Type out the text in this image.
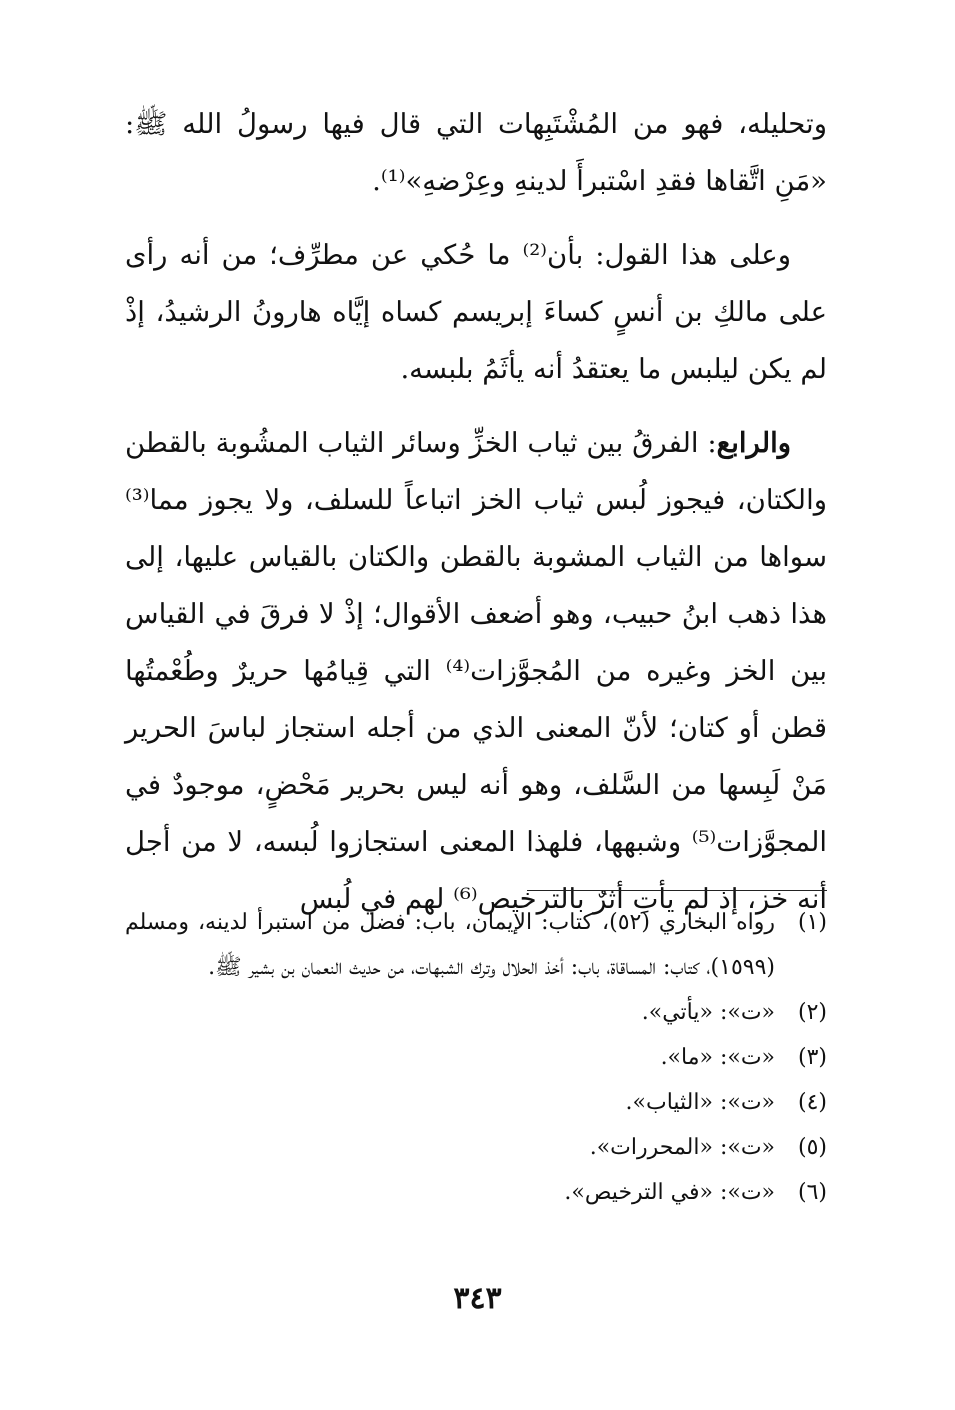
وتحليله، فهو من المُشْتَبِهات التي قال فيها رسولُ الله ﷺ: «مَنِ اتَّقاها فقدِ اسْتبرأَ لدينهِ وعِرْضهِ»⁽¹⁾.

وعلى هذا القول: بأن⁽²⁾ ما حُكي عن مطرِّف؛ من أنه رأى على مالكِ بن أنسٍ كساءَ إبريسم كساه إيَّاه هارونُ الرشيدُ، إذْ لم يكن ليلبس ما يعتقدُ أنه يأثَمُ بلبسه.

والرابع: الفرقُ بين ثياب الخزِّ وسائر الثياب المشُوبة بالقطن والكتان، فيجوز لُبس ثياب الخز اتباعاً للسلف، ولا يجوز مما⁽³⁾ سواها من الثياب المشوبة بالقطن والكتان بالقياس عليها، إلى هذا ذهب ابنُ حبيب، وهو أضعف الأقوال؛ إذْ لا فرقَ في القياس بين الخز وغيره من المُجوَّزات⁽⁴⁾ التي قِيامُها حريرٌ وطُعْمتُها قطن أو كتان؛ لأنّ المعنى الذي من أجله استجاز لباسَ الحرير مَنْ لَبِسها من السَّلف، وهو أنه ليس بحرير مَحْضٍ، موجودٌ في المجوَّزات⁽⁵⁾ وشبهها، فلهذا المعنى استجازوا لُبسه، لا من أجل أنه خز، إذ لم يأتِ أثرٌ بالترخيص⁽⁶⁾ لهم في لُبس

(١)
رواه البخاري (٥٢)، كتاب: الإيمان، باب: فضل من استبرأ لدينه، ومسلم (١٥٩٩)، كتاب: المساقاة، باب: أخذ الحلال وترك الشبهات، من حديث النعمان بن بشير ﷺ.
(٢)
«ت»: «يأتي».
(٣)
«ت»: «ما».
(٤)
«ت»: «الثياب».
(٥)
«ت»: «المحررات».
(٦)
«ت»: «في الترخيص».
٣٤٣
